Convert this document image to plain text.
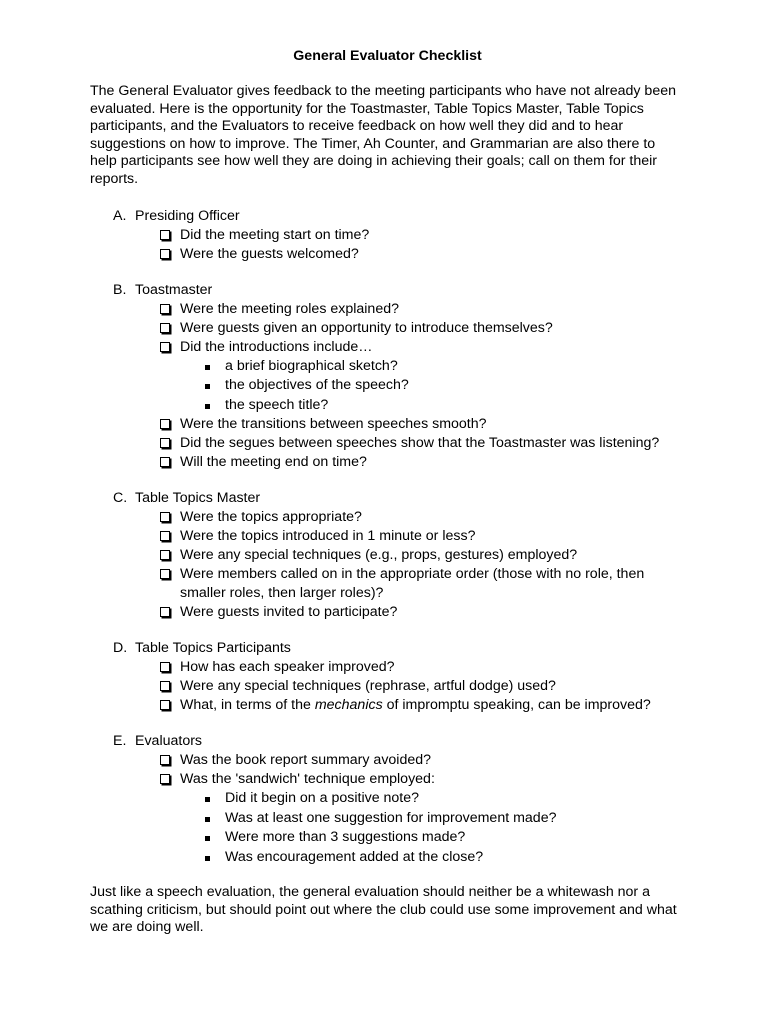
General Evaluator Checklist

The General Evaluator gives feedback to the meeting participants who have not already been evaluated. Here is the opportunity for the Toastmaster, Table Topics Master, Table Topics participants, and the Evaluators to receive feedback on how well they did and to hear suggestions on how to improve. The Timer, Ah Counter, and Grammarian are also there to help participants see how well they are doing in achieving their goals; call on them for their reports.

A. Presiding Officer
Did the meeting start on time?
Were the guests welcomed?
B. Toastmaster
Were the meeting roles explained?
Were guests given an opportunity to introduce themselves?
Did the introductions include…
a brief biographical sketch?
the objectives of the speech?
the speech title?
Were the transitions between speeches smooth?
Did the segues between speeches show that the Toastmaster was listening?
Will the meeting end on time?
C. Table Topics Master
Were the topics appropriate?
Were the topics introduced in 1 minute or less?
Were any special techniques (e.g., props, gestures) employed?
Were members called on in the appropriate order (those with no role, then smaller roles, then larger roles)?
Were guests invited to participate?
D. Table Topics Participants
How has each speaker improved?
Were any special techniques (rephrase, artful dodge) used?
What, in terms of the mechanics of impromptu speaking, can be improved?
E. Evaluators
Was the book report summary avoided?
Was the 'sandwich' technique employed:
Did it begin on a positive note?
Was at least one suggestion for improvement made?
Were more than 3 suggestions made?
Was encouragement added at the close?

Just like a speech evaluation, the general evaluation should neither be a whitewash nor a scathing criticism, but should point out where the club could use some improvement and what we are doing well.
